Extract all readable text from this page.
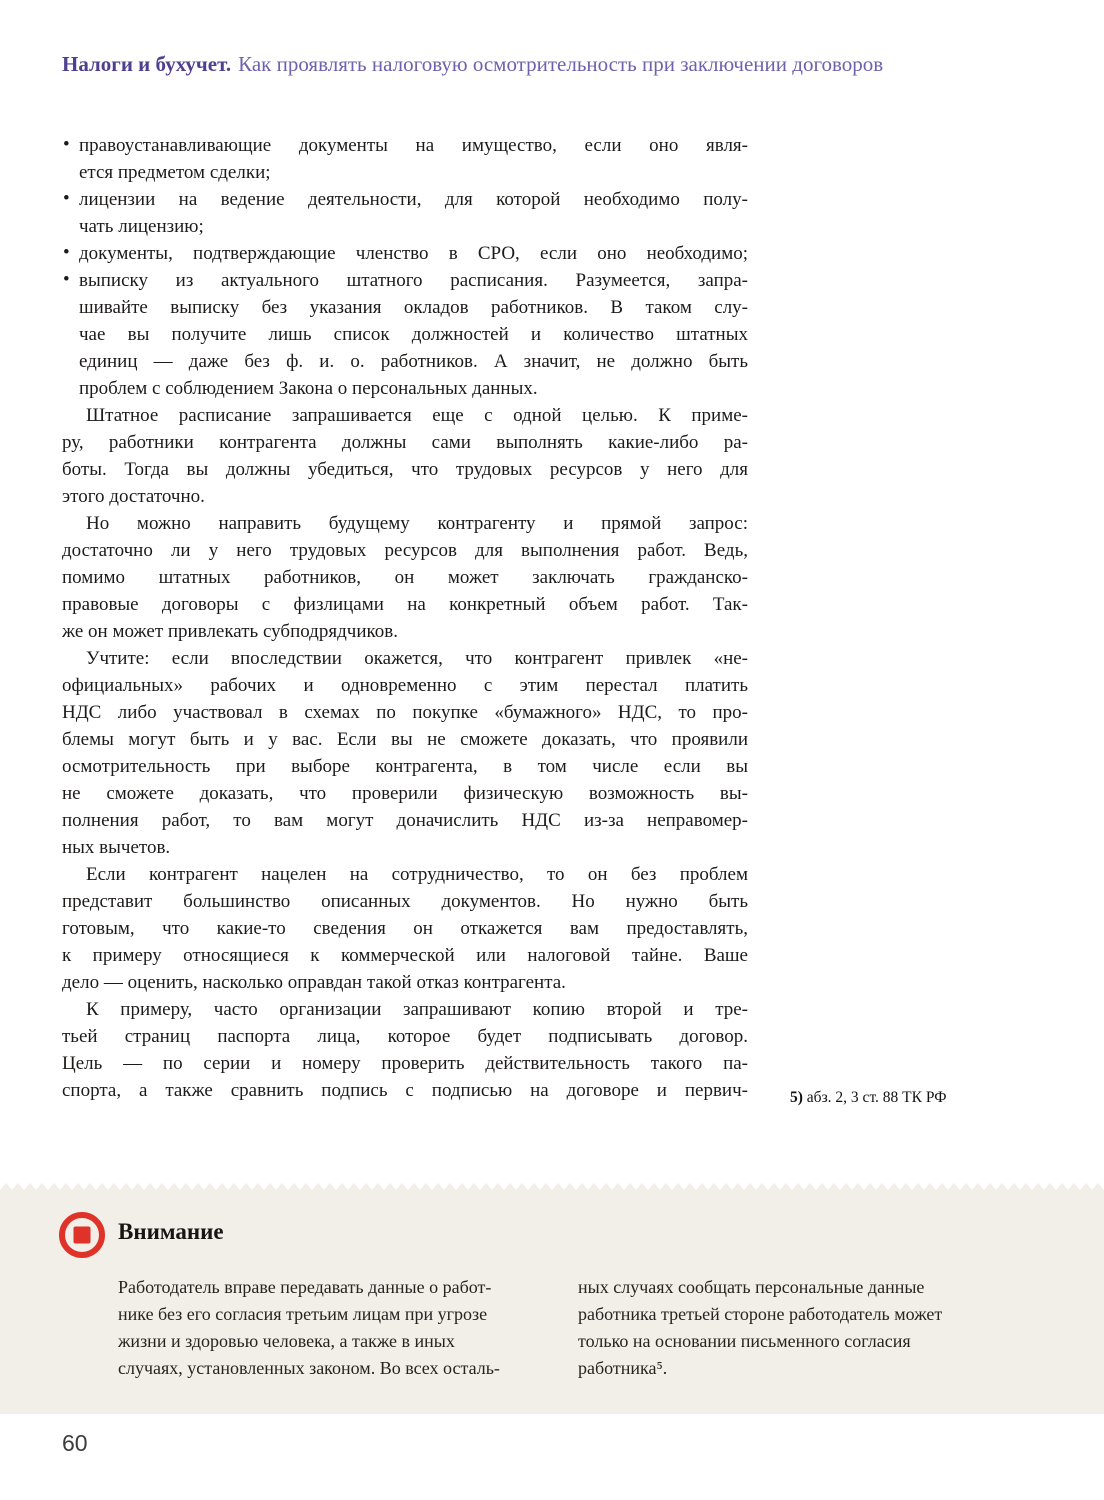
Налоги и бухучет. Как проявлять налоговую осмотрительность при заключении договоров
• правоустанавливающие документы на имущество, если оно явля-
ется предметом сделки;
• лицензии на ведение деятельности, для которой необходимо полу-
чать лицензию;
• документы, подтверждающие членство в СРО, если оно необходимо;
• выписку из актуального штатного расписания. Разумеется, запра-
шивайте выписку без указания окладов работников. В таком слу-
чае вы получите лишь список должностей и количество штатных
единиц — даже без ф. и. о. работников. А значит, не должно быть
проблем с соблюдением Закона о персональных данных.
Штатное расписание запрашивается еще с одной целью. К приме-
ру, работники контрагента должны сами выполнять какие-либо ра-
боты. Тогда вы должны убедиться, что трудовых ресурсов у него для
этого достаточно.
Но можно направить будущему контрагенту и прямой запрос:
достаточно ли у него трудовых ресурсов для выполнения работ. Ведь,
помимо штатных работников, он может заключать гражданско-
правовые договоры с физлицами на конкретный объем работ. Так-
же он может привлекать субподрядчиков.
Учтите: если впоследствии окажется, что контрагент привлек «не-
официальных» рабочих и одновременно с этим перестал платить
НДС либо участвовал в схемах по покупке «бумажного» НДС, то про-
блемы могут быть и у вас. Если вы не сможете доказать, что проявили
осмотрительность при выборе контрагента, в том числе если вы
не сможете доказать, что проверили физическую возможность вы-
полнения работ, то вам могут доначислить НДС из-за неправомер-
ных вычетов.
Если контрагент нацелен на сотрудничество, то он без проблем
представит большинство описанных документов. Но нужно быть
готовым, что какие-то сведения он откажется вам предоставлять,
к примеру относящиеся к коммерческой или налоговой тайне. Ваше
дело — оценить, насколько оправдан такой отказ контрагента.
К примеру, часто организации запрашивают копию второй и тре-
тьей страниц паспорта лица, которое будет подписывать договор.
Цель — по серии и номеру проверить действительность такого па-
спорта, а также сравнить подпись с подписью на договоре и первич-	5) абз. 2, 3 ст. 88 ТК РФ
Внимание
Работодатель вправе передавать данные о работ-
нике без его согласия третьим лицам при угрозе
жизни и здоровью человека, а также в иных
случаях, установленных законом. Во всех осталь-
ных случаях сообщать персональные данные
работника третьей стороне работодатель может
только на основании письменного согласия
работника⁵.
60
